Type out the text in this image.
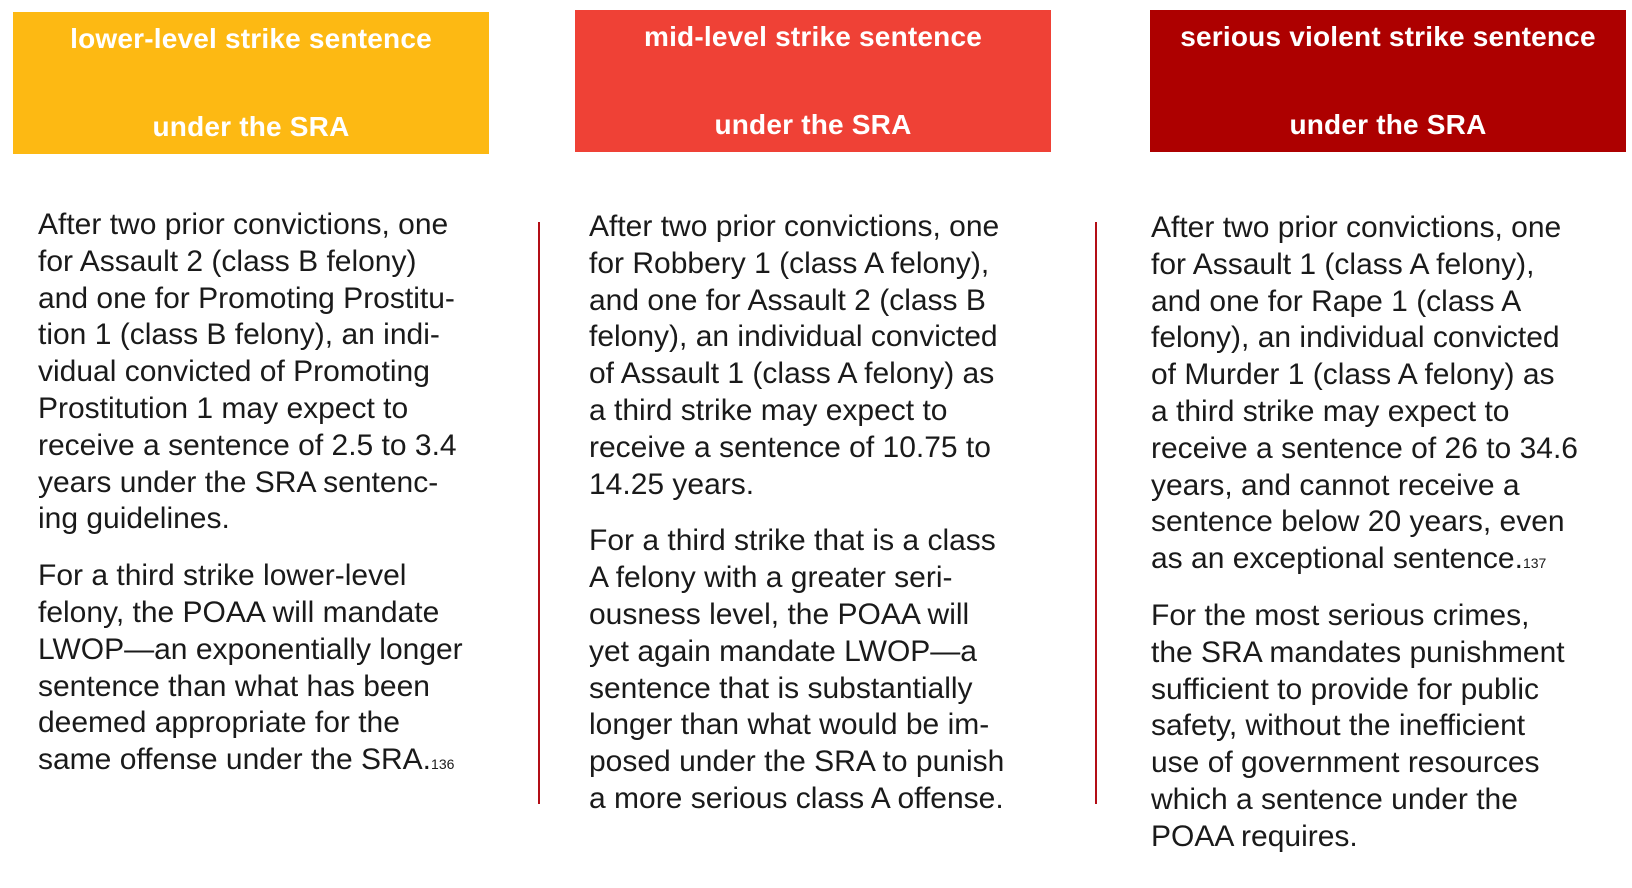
lower-level strike sentence

under the SRA

After two prior convictions, one
for Assault 2 (class B felony)
and one for Promoting Prostitu-
tion 1 (class B felony), an indi-
vidual convicted of Promoting
Prostitution 1 may expect to
receive a sentence of 2.5 to 3.4
years under the SRA sentenc-
ing guidelines.

For a third strike lower-level
felony, the POAA will mandate
LWOP—an exponentially longer
sentence than what has been
deemed appropriate for the
same offense under the SRA.$^{136}$

mid-level strike sentence

under the SRA

After two prior convictions, one
for Robbery 1 (class A felony),
and one for Assault 2 (class B
felony), an individual convicted
of Assault 1 (class A felony) as
a third strike may expect to
receive a sentence of 10.75 to
14.25 years.

For a third strike that is a class
A felony with a greater seri-
ousness level, the POAA will
yet again mandate LWOP—a
sentence that is substantially
longer than what would be im-
posed under the SRA to punish
a more serious class A offense.

serious violent strike sentence

under the SRA

After two prior convictions, one
for Assault 1 (class A felony),
and one for Rape 1 (class A
felony), an individual convicted
of Murder 1 (class A felony) as
a third strike may expect to
receive a sentence of 26 to 34.6
years, and cannot receive a
sentence below 20 years, even
as an exceptional sentence.$^{137}$

For the most serious crimes,
the SRA mandates punishment
sufficient to provide for public
safety, without the inefficient
use of government resources
which a sentence under the
POAA requires.
